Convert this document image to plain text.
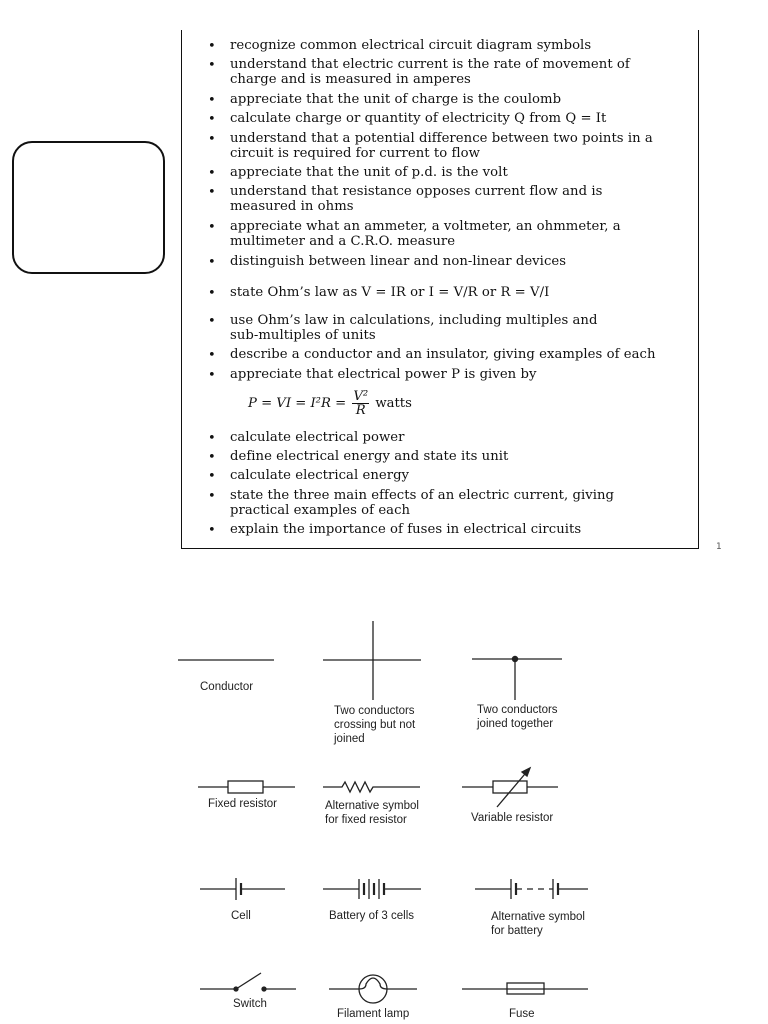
1
• recognize common electrical circuit diagram symbols
• understand that electric current is the rate of movement of
charge and is measured in amperes
• appreciate that the unit of charge is the coulomb
• calculate charge or quantity of electricity Q from Q = It
• understand that a potential difference between two points in a
circuit is required for current to flow
• appreciate that the unit of p.d. is the volt
• understand that resistance opposes current flow and is
measured in ohms
• appreciate what an ammeter, a voltmeter, an ohmmeter, a
multimeter and a C.R.O. measure
• distinguish between linear and non-linear devices
• state Ohm’s law as V = IR or I = V/R or R = V/I
• use Ohm’s law in calculations, including multiples and
sub-multiples of units
• describe a conductor and an insulator, giving examples of each
• appreciate that electrical power P is given by
P = VI = $I^2R = \frac{\text{V²}}{R}$ watts
• calculate electrical power
• define electrical energy and state its unit
• calculate electrical energy
• state the three main effects of an electric current, giving
practical examples of each
• explain the importance of fuses in electrical circuits
Conductor
Two conductors
crossing but not
joined
Two conductors
joined together
Fixed resistor	Alternative symbol
for fixed resistor	Variable resistor
Cell	Battery of 3 cells	Alternative symbol
for battery
Switch
Filament lamp	Fuse
